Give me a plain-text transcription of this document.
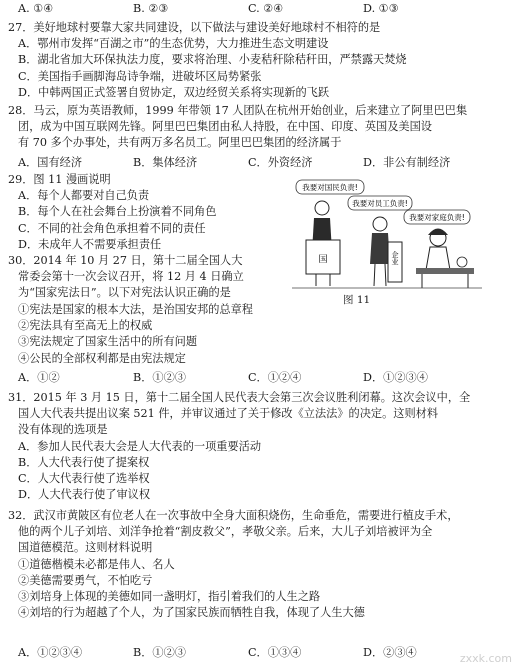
A. ①④	B. ②③	C. ②④	D. ①③
27．美好地球村要靠大家共同建设，以下做法与建设美好地球村不相符的是
A．鄂州市发挥“百湖之市”的生态优势，大力推进生态文明建设
B．湖北省加大环保执法力度，要求将治理、小麦秸秆除秸秆田，严禁露天焚烧
C．美国指手画脚海岛诗争端，进破坏区局势紧张
D．中韩两国正式签署自贸协定，双边经贸关系将实现新的飞跃
28．马云，原为英语教师，1999 年带领 17 人团队在杭州开始创业，后来建立了阿里巴巴集
团，成为中国互联网先锋。阿里巴巴集团由私人持股，在中国、印度、英国及美国设
有 70 多个办事处，共有两万多名员工。阿里巴巴集团的经济属于
A．国有经济	B．集体经济	C．外资经济	D．非公有制经济
29．图 11 漫画说明
A．每个人都要对自己负责
B．每个人在社会舞台上扮演着不同角色
C．不同的社会角色承担着不同的责任
D．未成年人不需要承担责任
我要对国民负责!
我要对员工负责!
我要对家庭负责!
国	企业
图 11
30．2014 年 10 月 27 日，第十二届全国人大
常委会第十一次会议召开，将 12 月 4 日确立
为“国家宪法日”。以下对宪法认识正确的是
①宪法是国家的根本大法，是治国安邦的总章程
②宪法具有至高无上的权威
③宪法规定了国家生活中的所有问题
④公民的全部权利都是由宪法规定
A．①②	B．①②③	C．①②④	D．①②③④
31．2015 年 3 月 15 日，第十二届全国人民代表大会第三次会议胜利闭幕。这次会议中，全
国人大代表共提出议案 521 件，并审议通过了关于修改《立法法》的决定。这则材料
没有体现的选项是
A．参加人民代表大会是人大代表的一项重要活动
B．人大代表行使了提案权
C．人大代表行使了选举权
D．人大代表行使了审议权
32．武汉市黄陂区有位老人在一次事故中全身大面积烧伤，生命垂危，需要进行植皮手术，
他的两个儿子刘培、刘洋争抢着“割皮救父”，孝敬父亲。后来，大儿子刘培被评为全
国道德模范。这则材料说明
①道德楷模未必都是伟人、名人
②美德需要勇气，不怕吃亏
③刘培身上体现的美德如同一盏明灯，指引着我们的人生之路
④刘培的行为超越了个人，为了国家民族而牺牲自我，体现了人生大德
A．①②③④	B．①②③	C．①③④	D．②③④	zxxk.com
